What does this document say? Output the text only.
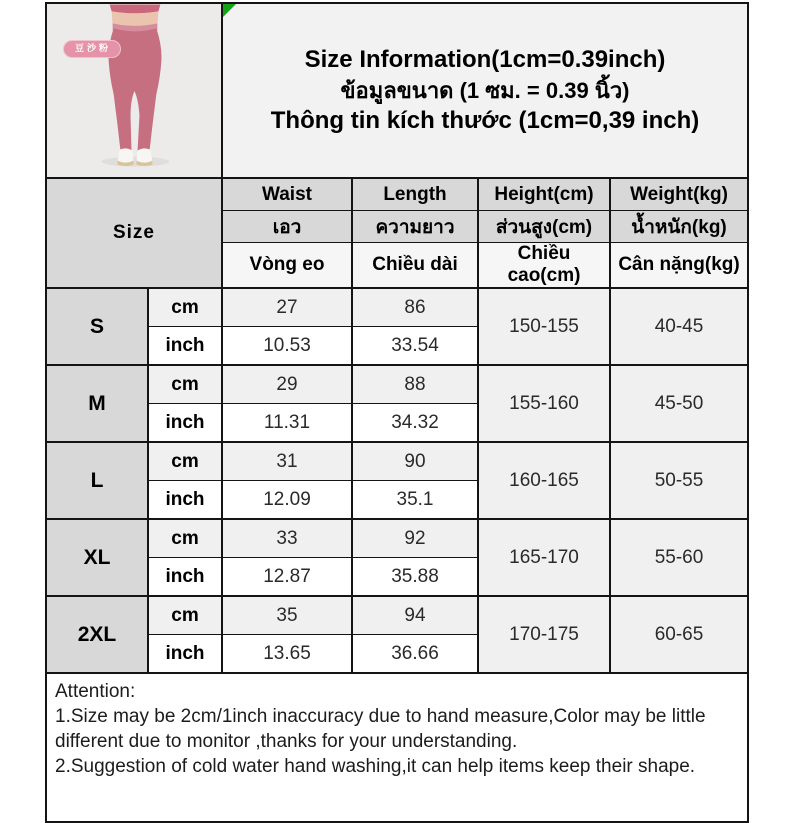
豆沙粉		Size Information(1cm=0.39inch)
ข้อมูลขนาด (1 ซม. = 0.39 นิ้ว)
Thông tin kích thước (1cm=0,39 inch)			

Size		Waist	Length	Height(cm)	Weight(kg)
		เอว	ความยาว	ส่วนสูง(cm)	น้ำหนัก(kg)
		Vòng eo	Chiều dài	Chiều cao(cm)	Cân nặng(kg)
S	cm	27	86	150-155	40-45
	inch	10.53	33.54		
M	cm	29	88	155-160	45-50
	inch	11.31	34.32		
L	cm	31	90	160-165	50-55
	inch	12.09	35.1		
XL	cm	33	92	165-170	55-60
	inch	12.87	35.88		
2XL	cm	35	94	170-175	60-65
	inch	13.65	36.66		

Attention:
1.Size may be 2cm/1inch inaccuracy due to hand measure,Color may be little different due to monitor ,thanks for your understanding.
2.Suggestion of cold water hand washing,it can help items keep their shape.					
